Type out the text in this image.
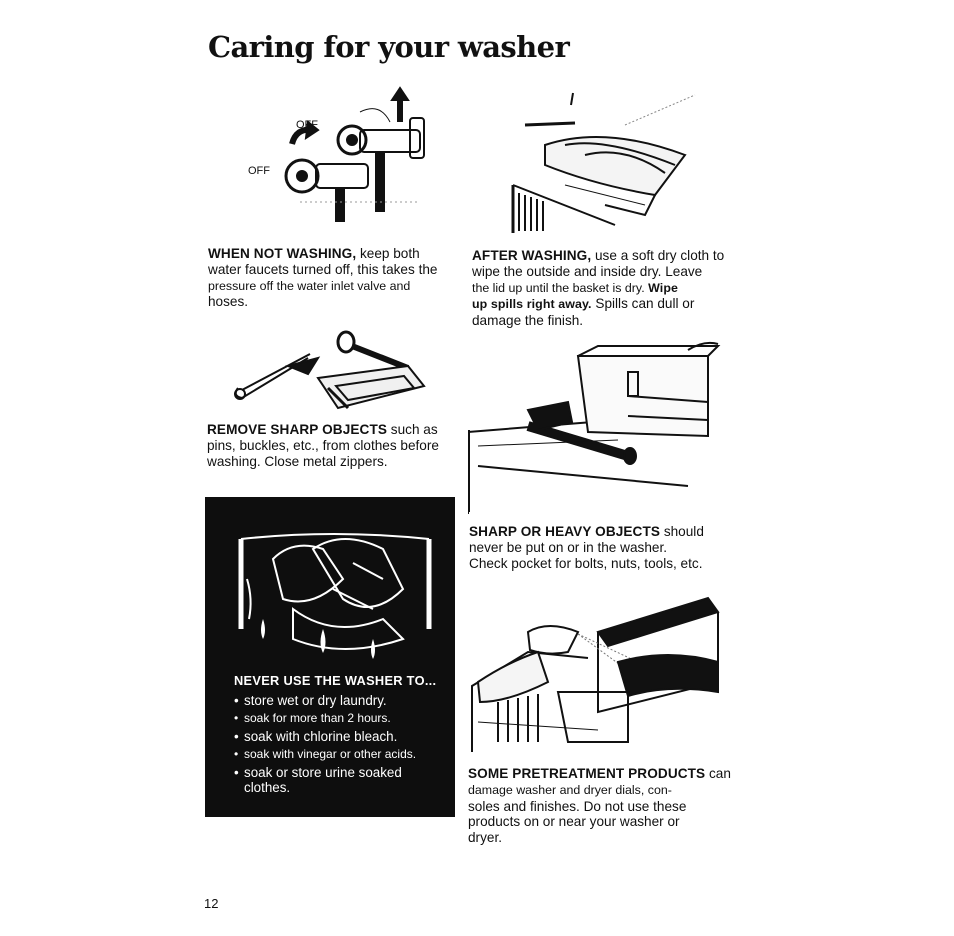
Caring for your washer
OFF
OFF
WHEN NOT WASHING, keep both
water faucets turned off, this takes the
pressure off the water inlet valve and
hoses.
AFTER WASHING, use a soft dry cloth to
wipe the outside and inside dry. Leave
the lid up until the basket is dry. Wipe
up spills right away. Spills can dull or
damage the finish.
REMOVE SHARP OBJECTS such as
pins, buckles, etc., from clothes before
washing. Close metal zippers.
NEVER USE THE WASHER TO...
• store wet or dry laundry.
• soak for more than 2 hours.
• soak with chlorine bleach.
• soak with vinegar or other acids.
• soak or store urine soaked clothes.
SHARP OR HEAVY OBJECTS should
never be put on or in the washer.
Check pocket for bolts, nuts, tools, etc.
SOME PRETREATMENT PRODUCTS can
damage washer and dryer dials, con-
soles and finishes. Do not use these
products on or near your washer or
dryer.
12
